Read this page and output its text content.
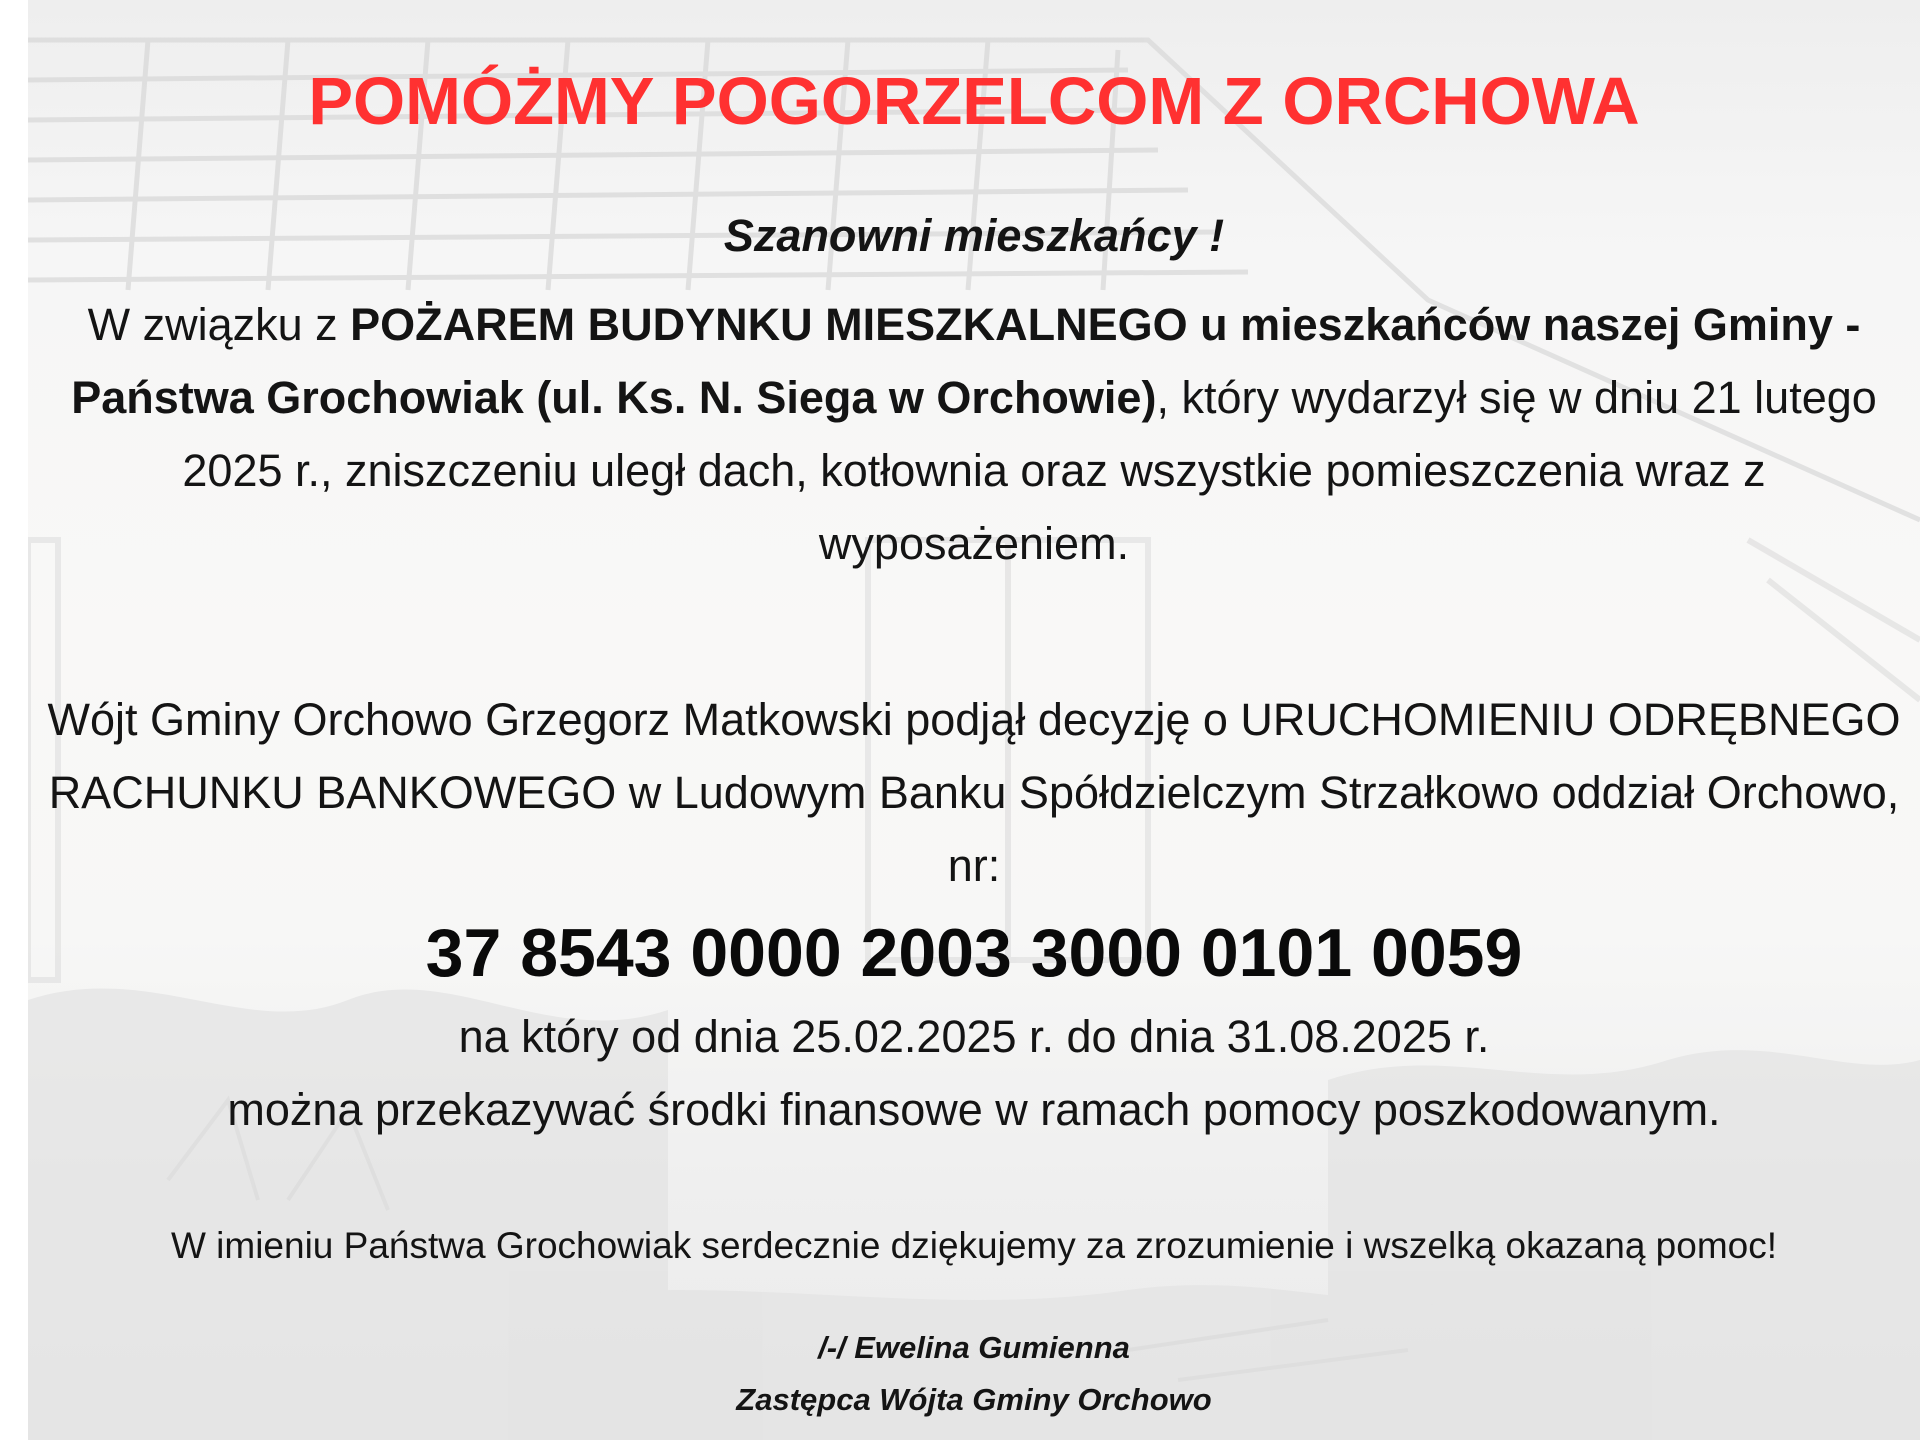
POMÓŻMY POGORZELCOM Z ORCHOWA
Szanowni mieszkańcy !
W związku z POŻAREM BUDYNKU MIESZKALNEGO u mieszkańców naszej Gminy - Państwa Grochowiak (ul. Ks. N. Siega w Orchowie), który wydarzył się w dniu 21 lutego 2025 r., zniszczeniu uległ dach, kotłownia oraz wszystkie pomieszczenia wraz z wyposażeniem.
Wójt Gminy Orchowo Grzegorz Matkowski podjął decyzję o URUCHOMIENIU ODRĘBNEGO RACHUNKU BANKOWEGO w Ludowym Banku Spółdzielczym Strzałkowo oddział Orchowo, nr:
37 8543 0000 2003 3000 0101 0059
na który od dnia 25.02.2025 r. do dnia 31.08.2025 r.
można przekazywać środki finansowe w ramach pomocy poszkodowanym.
W imieniu Państwa Grochowiak serdecznie dziękujemy za zrozumienie i wszelką okazaną pomoc!
/-/ Ewelina Gumienna
Zastępca Wójta Gminy Orchowo
